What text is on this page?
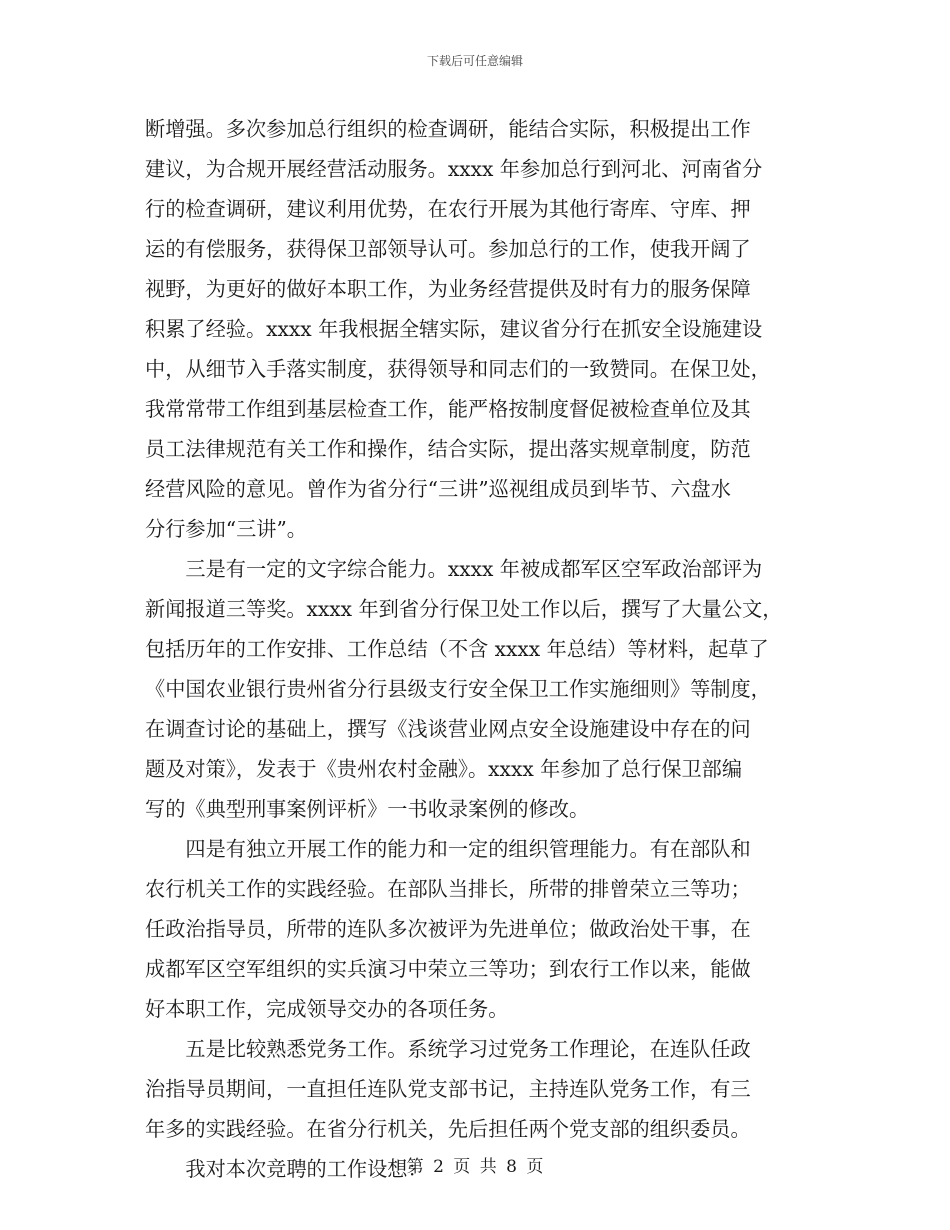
下载后可任意编辑
断增强。多次参加总行组织的检查调研，能结合实际，积极提出工作
建议，为合规开展经营活动服务。xxxx 年参加总行到河北、河南省分
行的检查调研，建议利用优势，在农行开展为其他行寄库、守库、押
运的有偿服务，获得保卫部领导认可。参加总行的工作，使我开阔了
视野，为更好的做好本职工作，为业务经营提供及时有力的服务保障
积累了经验。xxxx 年我根据全辖实际，建议省分行在抓安全设施建设
中，从细节入手落实制度，获得领导和同志们的一致赞同。在保卫处，
我常常带工作组到基层检查工作，能严格按制度督促被检查单位及其
员工法律规范有关工作和操作，结合实际，提出落实规章制度，防范
经营风险的意见。曾作为省分行“三讲”巡视组成员到毕节、六盘水
分行参加“三讲”。
　　三是有一定的文字综合能力。xxxx 年被成都军区空军政治部评为
新闻报道三等奖。xxxx 年到省分行保卫处工作以后，撰写了大量公文，
包括历年的工作安排、工作总结（不含 xxxx 年总结）等材料，起草了
《中国农业银行贵州省分行县级支行安全保卫工作实施细则》等制度，
在调查讨论的基础上，撰写《浅谈营业网点安全设施建设中存在的问
题及对策》，发表于《贵州农村金融》。xxxx 年参加了总行保卫部编
写的《典型刑事案例评析》一书收录案例的修改。
　　四是有独立开展工作的能力和一定的组织管理能力。有在部队和
农行机关工作的实践经验。在部队当排长，所带的排曾荣立三等功；
任政治指导员，所带的连队多次被评为先进单位；做政治处干事，在
成都军区空军组织的实兵演习中荣立三等功；到农行工作以来，能做
好本职工作，完成领导交办的各项任务。
　　五是比较熟悉党务工作。系统学习过党务工作理论，在连队任政
治指导员期间，一直担任连队党支部书记，主持连队党务工作，有三
年多的实践经验。在省分行机关，先后担任两个党支部的组织委员。
　　我对本次竞聘的工作设想：
第 2 页 共 8 页
